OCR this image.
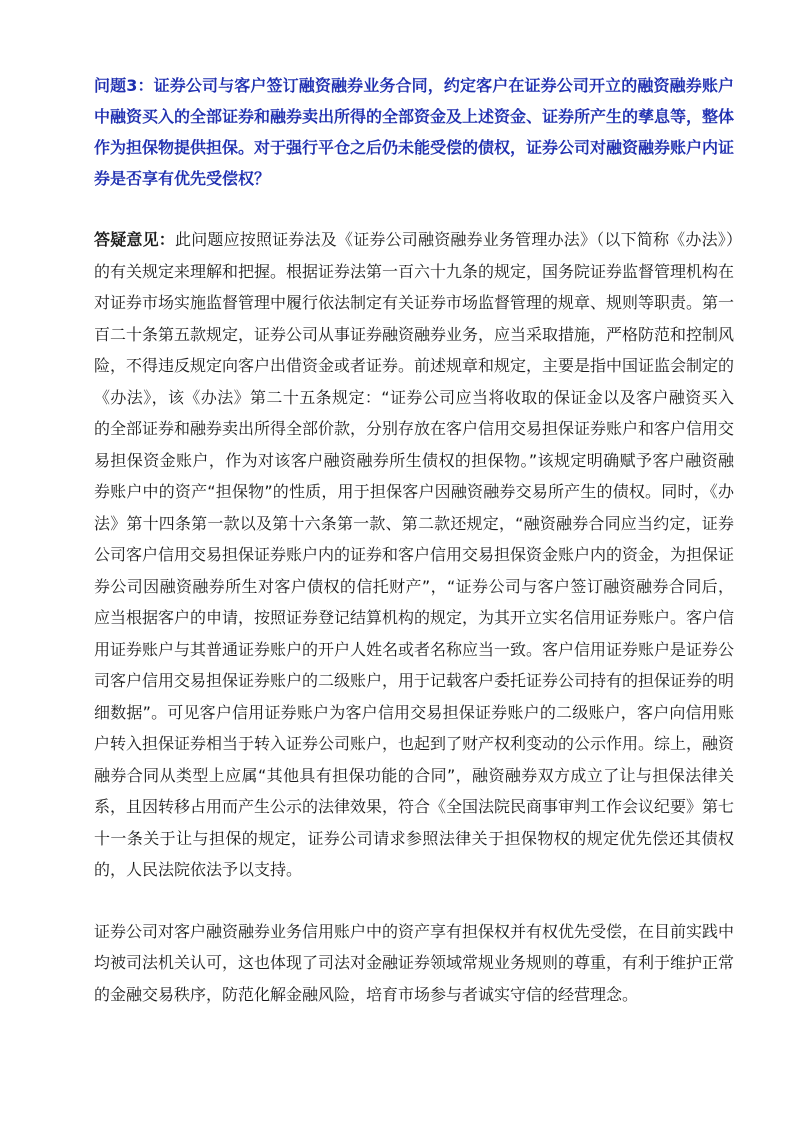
问题3：证券公司与客户签订融资融券业务合同，约定客户在证券公司开立的融资融券账户中融资买入的全部证券和融券卖出所得的全部资金及上述资金、证券所产生的孳息等，整体作为担保物提供担保。对于强行平仓之后仍未能受偿的债权，证券公司对融资融券账户内证券是否享有优先受偿权？

答疑意见：此问题应按照证券法及《证券公司融资融券业务管理办法》（以下简称《办法》）的有关规定来理解和把握。根据证券法第一百六十九条的规定，国务院证券监督管理机构在对证券市场实施监督管理中履行依法制定有关证券市场监督管理的规章、规则等职责。第一百二十条第五款规定，证券公司从事证券融资融券业务，应当采取措施，严格防范和控制风险，不得违反规定向客户出借资金或者证券。前述规章和规定，主要是指中国证监会制定的《办法》，该《办法》第二十五条规定：“证券公司应当将收取的保证金以及客户融资买入的全部证券和融券卖出所得全部价款，分别存放在客户信用交易担保证券账户和客户信用交易担保资金账户，作为对该客户融资融券所生债权的担保物。”该规定明确赋予客户融资融券账户中的资产“担保物”的性质，用于担保客户因融资融券交易所产生的债权。同时，《办法》第十四条第一款以及第十六条第一款、第二款还规定，“融资融券合同应当约定，证券公司客户信用交易担保证券账户内的证券和客户信用交易担保资金账户内的资金，为担保证券公司因融资融券所生对客户债权的信托财产”，“证券公司与客户签订融资融券合同后，应当根据客户的申请，按照证券登记结算机构的规定，为其开立实名信用证券账户。客户信用证券账户与其普通证券账户的开户人姓名或者名称应当一致。客户信用证券账户是证券公司客户信用交易担保证券账户的二级账户，用于记载客户委托证券公司持有的担保证券的明细数据”。可见客户信用证券账户为客户信用交易担保证券账户的二级账户，客户向信用账户转入担保证券相当于转入证券公司账户，也起到了财产权利变动的公示作用。综上，融资融券合同从类型上应属“其他具有担保功能的合同”，融资融券双方成立了让与担保法律关系，且因转移占用而产生公示的法律效果，符合《全国法院民商事审判工作会议纪要》第七十一条关于让与担保的规定，证券公司请求参照法律关于担保物权的规定优先偿还其债权的，人民法院依法予以支持。

证券公司对客户融资融券业务信用账户中的资产享有担保权并有权优先受偿，在目前实践中均被司法机关认可，这也体现了司法对金融证券领域常规业务规则的尊重，有利于维护正常的金融交易秩序，防范化解金融风险，培育市场参与者诚实守信的经营理念。
